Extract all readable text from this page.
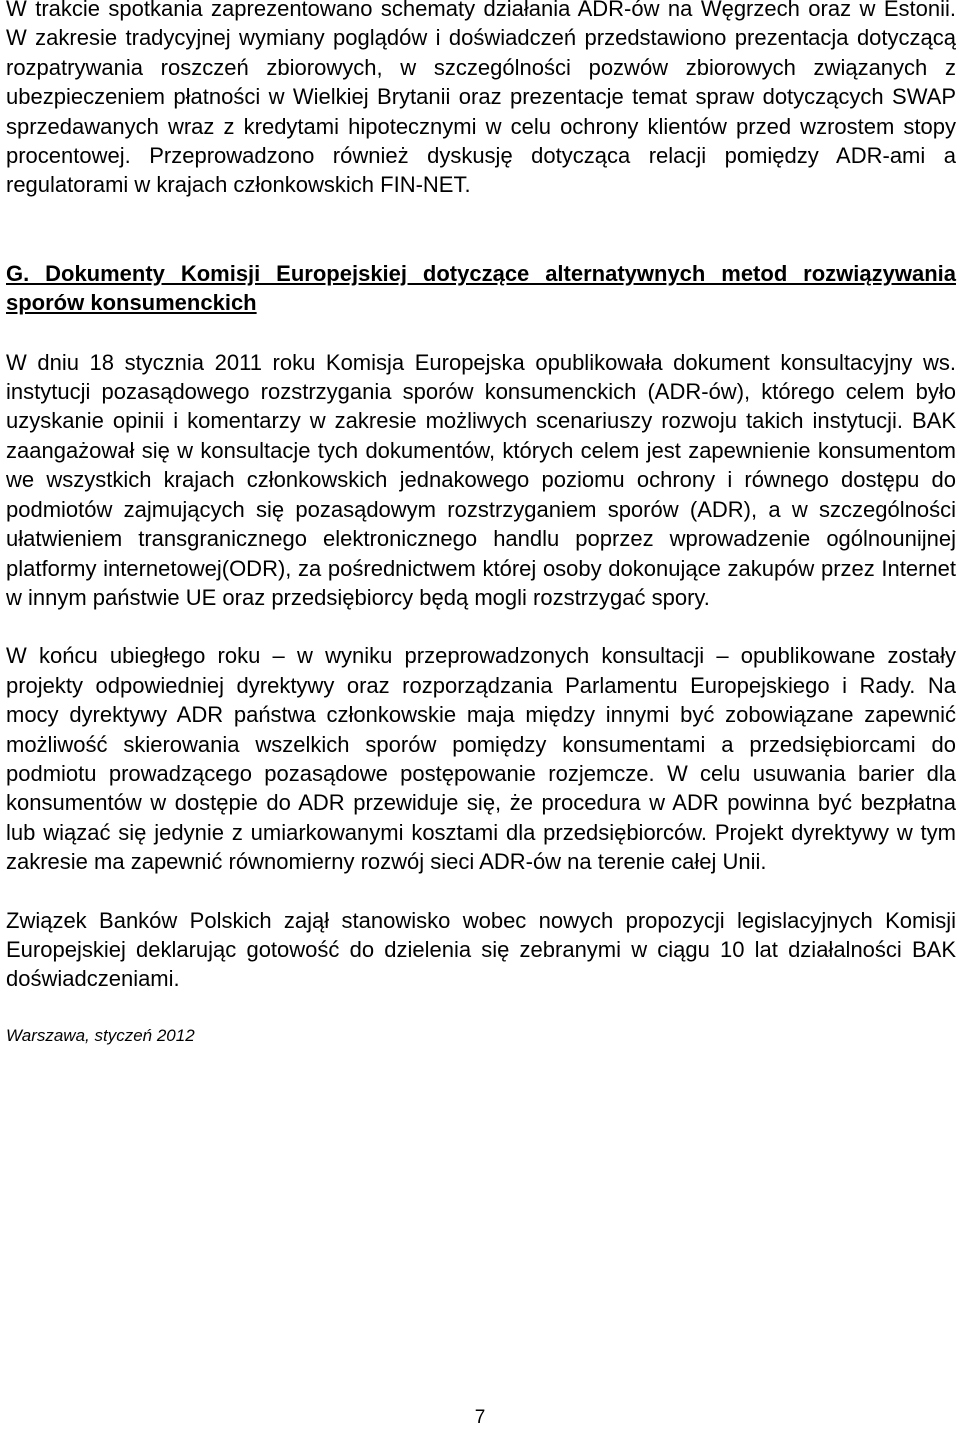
W trakcie spotkania zaprezentowano schematy działania ADR-ów na Węgrzech oraz w Estonii. W zakresie tradycyjnej wymiany poglądów i doświadczeń przedstawiono prezentacja dotyczącą rozpatrywania roszczeń zbiorowych, w szczególności pozwów zbiorowych związanych z ubezpieczeniem płatności w Wielkiej Brytanii oraz prezentacje temat spraw dotyczących SWAP sprzedawanych wraz z kredytami hipotecznymi w celu ochrony klientów przed wzrostem stopy procentowej. Przeprowadzono również dyskusję dotycząca relacji pomiędzy ADR-ami a regulatorami w krajach członkowskich FIN-NET.

G. Dokumenty Komisji Europejskiej dotyczące alternatywnych metod rozwiązywania sporów konsumenckich

W dniu 18 stycznia 2011 roku Komisja Europejska opublikowała dokument konsultacyjny ws. instytucji pozasądowego rozstrzygania sporów konsumenckich (ADR-ów), którego celem było uzyskanie opinii i komentarzy w zakresie możliwych scenariuszy rozwoju takich instytucji. BAK zaangażował się w konsultacje tych dokumentów, których celem jest zapewnienie konsumentom we wszystkich krajach członkowskich jednakowego poziomu ochrony i równego dostępu do podmiotów zajmujących się pozasądowym rozstrzyganiem sporów (ADR), a w szczególności ułatwieniem transgranicznego elektronicznego handlu poprzez wprowadzenie ogólnounijnej platformy internetowej(ODR), za pośrednictwem której osoby dokonujące zakupów przez Internet w innym państwie UE oraz przedsiębiorcy będą mogli rozstrzygać spory.

W końcu ubiegłego roku – w wyniku przeprowadzonych konsultacji – opublikowane zostały projekty odpowiedniej dyrektywy oraz rozporządzania Parlamentu Europejskiego i Rady. Na mocy dyrektywy ADR państwa członkowskie maja między innymi być zobowiązane zapewnić możliwość skierowania wszelkich sporów pomiędzy konsumentami a przedsiębiorcami do podmiotu prowadzącego pozasądowe postępowanie rozjemcze. W celu usuwania barier dla konsumentów w dostępie do ADR przewiduje się, że procedura w ADR powinna być bezpłatna lub wiązać się jedynie z umiarkowanymi kosztami dla przedsiębiorców. Projekt dyrektywy w tym zakresie ma zapewnić równomierny rozwój sieci ADR-ów na terenie całej Unii.

Związek Banków Polskich zajął stanowisko wobec nowych propozycji legislacyjnych Komisji Europejskiej deklarując gotowość do dzielenia się zebranymi w ciągu 10 lat działalności BAK doświadczeniami.

Warszawa, styczeń 2012

7
